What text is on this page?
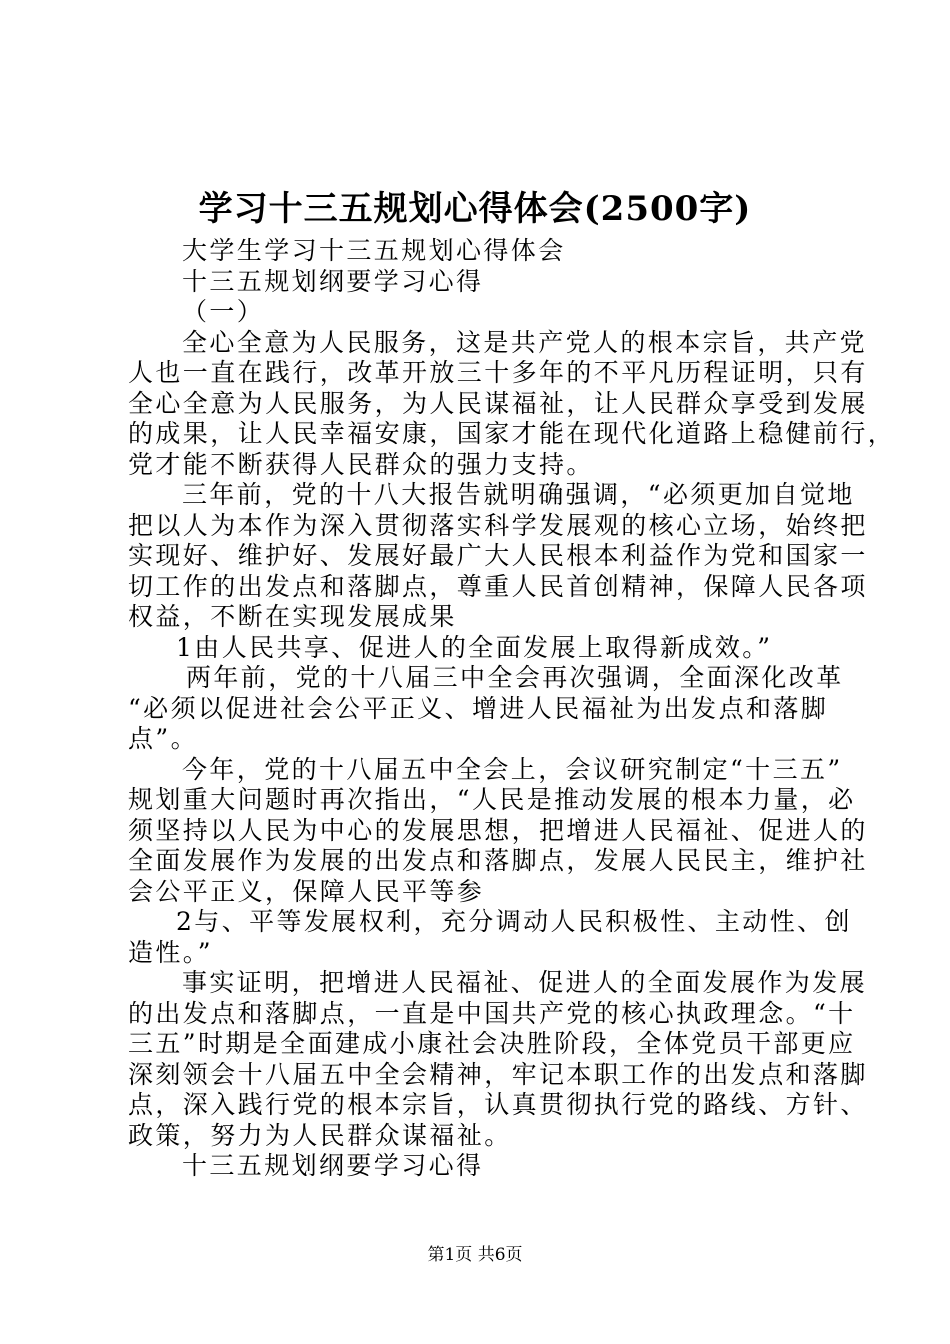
学习十三五规划心得体会(2500字)
大学生学习十三五规划心得体会
十三五规划纲要学习心得
（一）
全心全意为人民服务，这是共产党人的根本宗旨，共产党
人也一直在践行，改革开放三十多年的不平凡历程证明，只有
全心全意为人民服务，为人民谋福祉，让人民群众享受到发展
的成果，让人民幸福安康，国家才能在现代化道路上稳健前行，
党才能不断获得人民群众的强力支持。
三年前，党的十八大报告就明确强调，“必须更加自觉地
把以人为本作为深入贯彻落实科学发展观的核心立场，始终把
实现好、维护好、发展好最广大人民根本利益作为党和国家一
切工作的出发点和落脚点，尊重人民首创精神，保障人民各项
权益，不断在实现发展成果
1由人民共享、促进人的全面发展上取得新成效。”
两年前，党的十八届三中全会再次强调，全面深化改革
“必须以促进社会公平正义、增进人民福祉为出发点和落脚
点”。
今年，党的十八届五中全会上，会议研究制定“十三五”
规划重大问题时再次指出，“人民是推动发展的根本力量，必
须坚持以人民为中心的发展思想，把增进人民福祉、促进人的
全面发展作为发展的出发点和落脚点，发展人民民主，维护社
会公平正义，保障人民平等参
2与、平等发展权利，充分调动人民积极性、主动性、创
造性。”
事实证明，把增进人民福祉、促进人的全面发展作为发展
的出发点和落脚点，一直是中国共产党的核心执政理念。“十
三五”时期是全面建成小康社会决胜阶段，全体党员干部更应
深刻领会十八届五中全会精神，牢记本职工作的出发点和落脚
点，深入践行党的根本宗旨，认真贯彻执行党的路线、方针、
政策，努力为人民群众谋福祉。
十三五规划纲要学习心得
第1页 共6页
